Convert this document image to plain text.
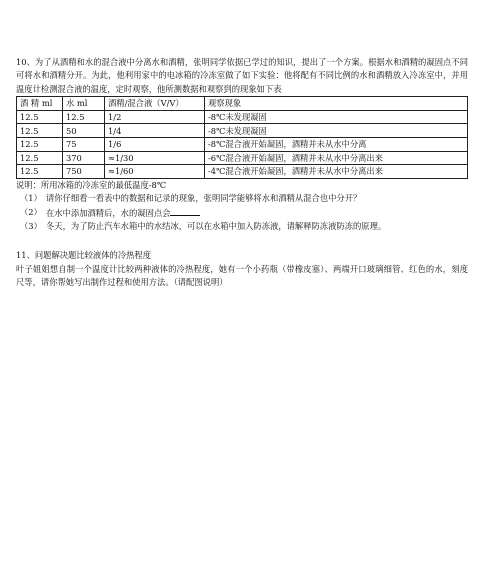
10、为了从酒精和水的混合液中分离水和酒精，张明同学依据已学过的知识，提出了一个方案。根据水和酒精的凝固点不同可将水和酒精分开。为此，他利用家中的电冰箱的冷冻室做了如下实验：他将配有不同比例的水和酒精放入冷冻室中，并用温度计检测混合液的温度，定时观察，他所测数据和观察到的现象如下表

酒 精 ml	水 ml	酒精/混合液（V/V）	观察现象
12.5	12.5	1/2	-8℃未发现凝固
12.5	50	1/4	-8℃未发现凝固
12.5	75	1/6	-8℃混合液开始凝固，酒精并未从水中分离
12.5	370	≈1/30	-6℃混合液开始凝固，酒精并未从水中分离出来
12.5	750	≈1/60	-4℃混合液开始凝固，酒精并未从水中分离出来

说明：所用冰箱的冷冻室的最低温度-8℃

（1） 请你仔细看一看表中的数据和记录的现象，张明同学能够将水和酒精从混合也中分开？
（2） 在水中添加酒精后，水的凝固点会
（3） 冬天，为了防止汽车水箱中的水结冰，可以在水箱中加入防冻液，请解释防冻液防冻的原理。

11、问题解决题比较液体的冷热程度

叶子姐姐想自制一个温度计比较两种液体的冷热程度，她有一个小药瓶（带橡皮塞）、两端开口玻璃细管、红色的水，刻度尺等，请你帮她写出制作过程和使用方法。（请配图说明）
